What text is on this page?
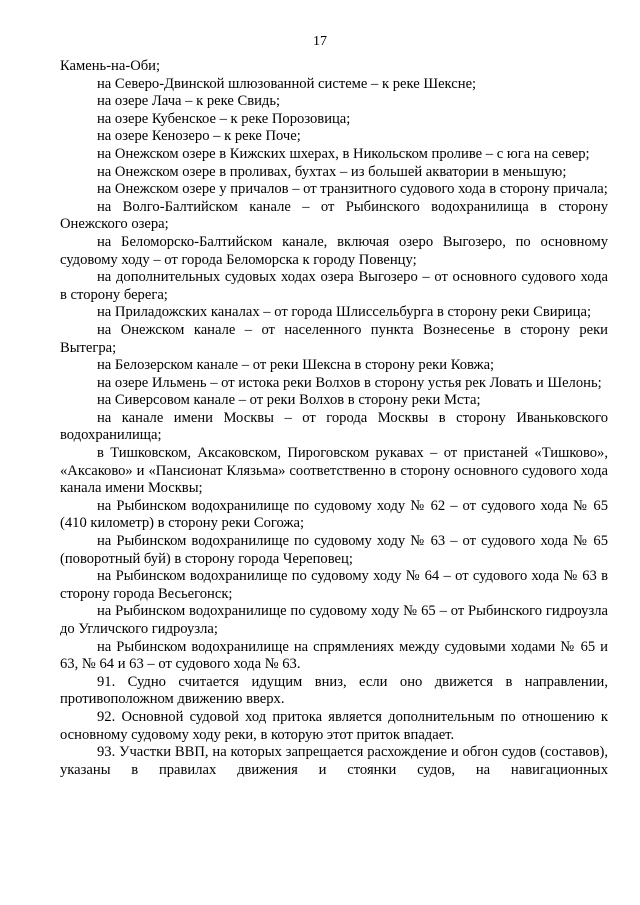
17

Камень-на-Оби;

на Северо-Двинской шлюзованной системе – к реке Шексне;

на озере Лача – к реке Свидь;

на озере Кубенское – к реке Порозовица;

на озере Кенозеро – к реке Поче;

на Онежском озере в Кижских шхерах, в Никольском проливе – с юга на север;

на Онежском озере в проливах, бухтах – из большей акватории в меньшую;

на Онежском озере у причалов – от транзитного судового хода в сторону причала;

на Волго-Балтийском канале – от Рыбинского водохранилища в сторону Онежского озера;

на Беломорско-Балтийском канале, включая озеро Выгозеро, по основному судовому ходу – от города Беломорска к городу Повенцу;

на дополнительных судовых ходах озера Выгозеро – от основного судового хода в сторону берега;

на Приладожских каналах – от города Шлиссельбурга в сторону реки Свирица;

на Онежском канале – от населенного пункта Вознесенье в сторону реки Вытегра;

на Белозерском канале – от реки Шексна в сторону реки Ковжа;

на озере Ильмень – от истока реки Волхов в сторону устья рек Ловать и Шелонь;

на Сиверсовом канале – от реки Волхов в сторону реки Мста;

на канале имени Москвы – от города Москвы в сторону Иваньковского водохранилища;

в Тишковском, Аксаковском, Пироговском рукавах – от пристаней «Тишково», «Аксаково» и «Пансионат Клязьма» соответственно в сторону основного судового хода канала имени Москвы;

на Рыбинском водохранилище по судовому ходу № 62 – от судового хода № 65 (410 километр) в сторону реки Согожа;

на Рыбинском водохранилище по судовому ходу № 63 – от судового хода № 65 (поворотный буй) в сторону города Череповец;

на Рыбинском водохранилище по судовому ходу № 64 – от судового хода № 63 в сторону города Весьегонск;

на Рыбинском водохранилище по судовому ходу № 65 – от Рыбинского гидроузла до Угличского гидроузла;

на Рыбинском водохранилище на спрямлениях между судовыми ходами № 65 и 63, № 64 и 63 – от судового хода № 63.

91. Судно считается идущим вниз, если оно движется в направлении, противоположном движению вверх.

92. Основной судовой ход притока является дополнительным по отношению к основному судовому ходу реки, в которую этот приток впадает.

93. Участки ВВП, на которых запрещается расхождение и обгон судов (составов), указаны в правилах движения и стоянки судов, на навигационных
